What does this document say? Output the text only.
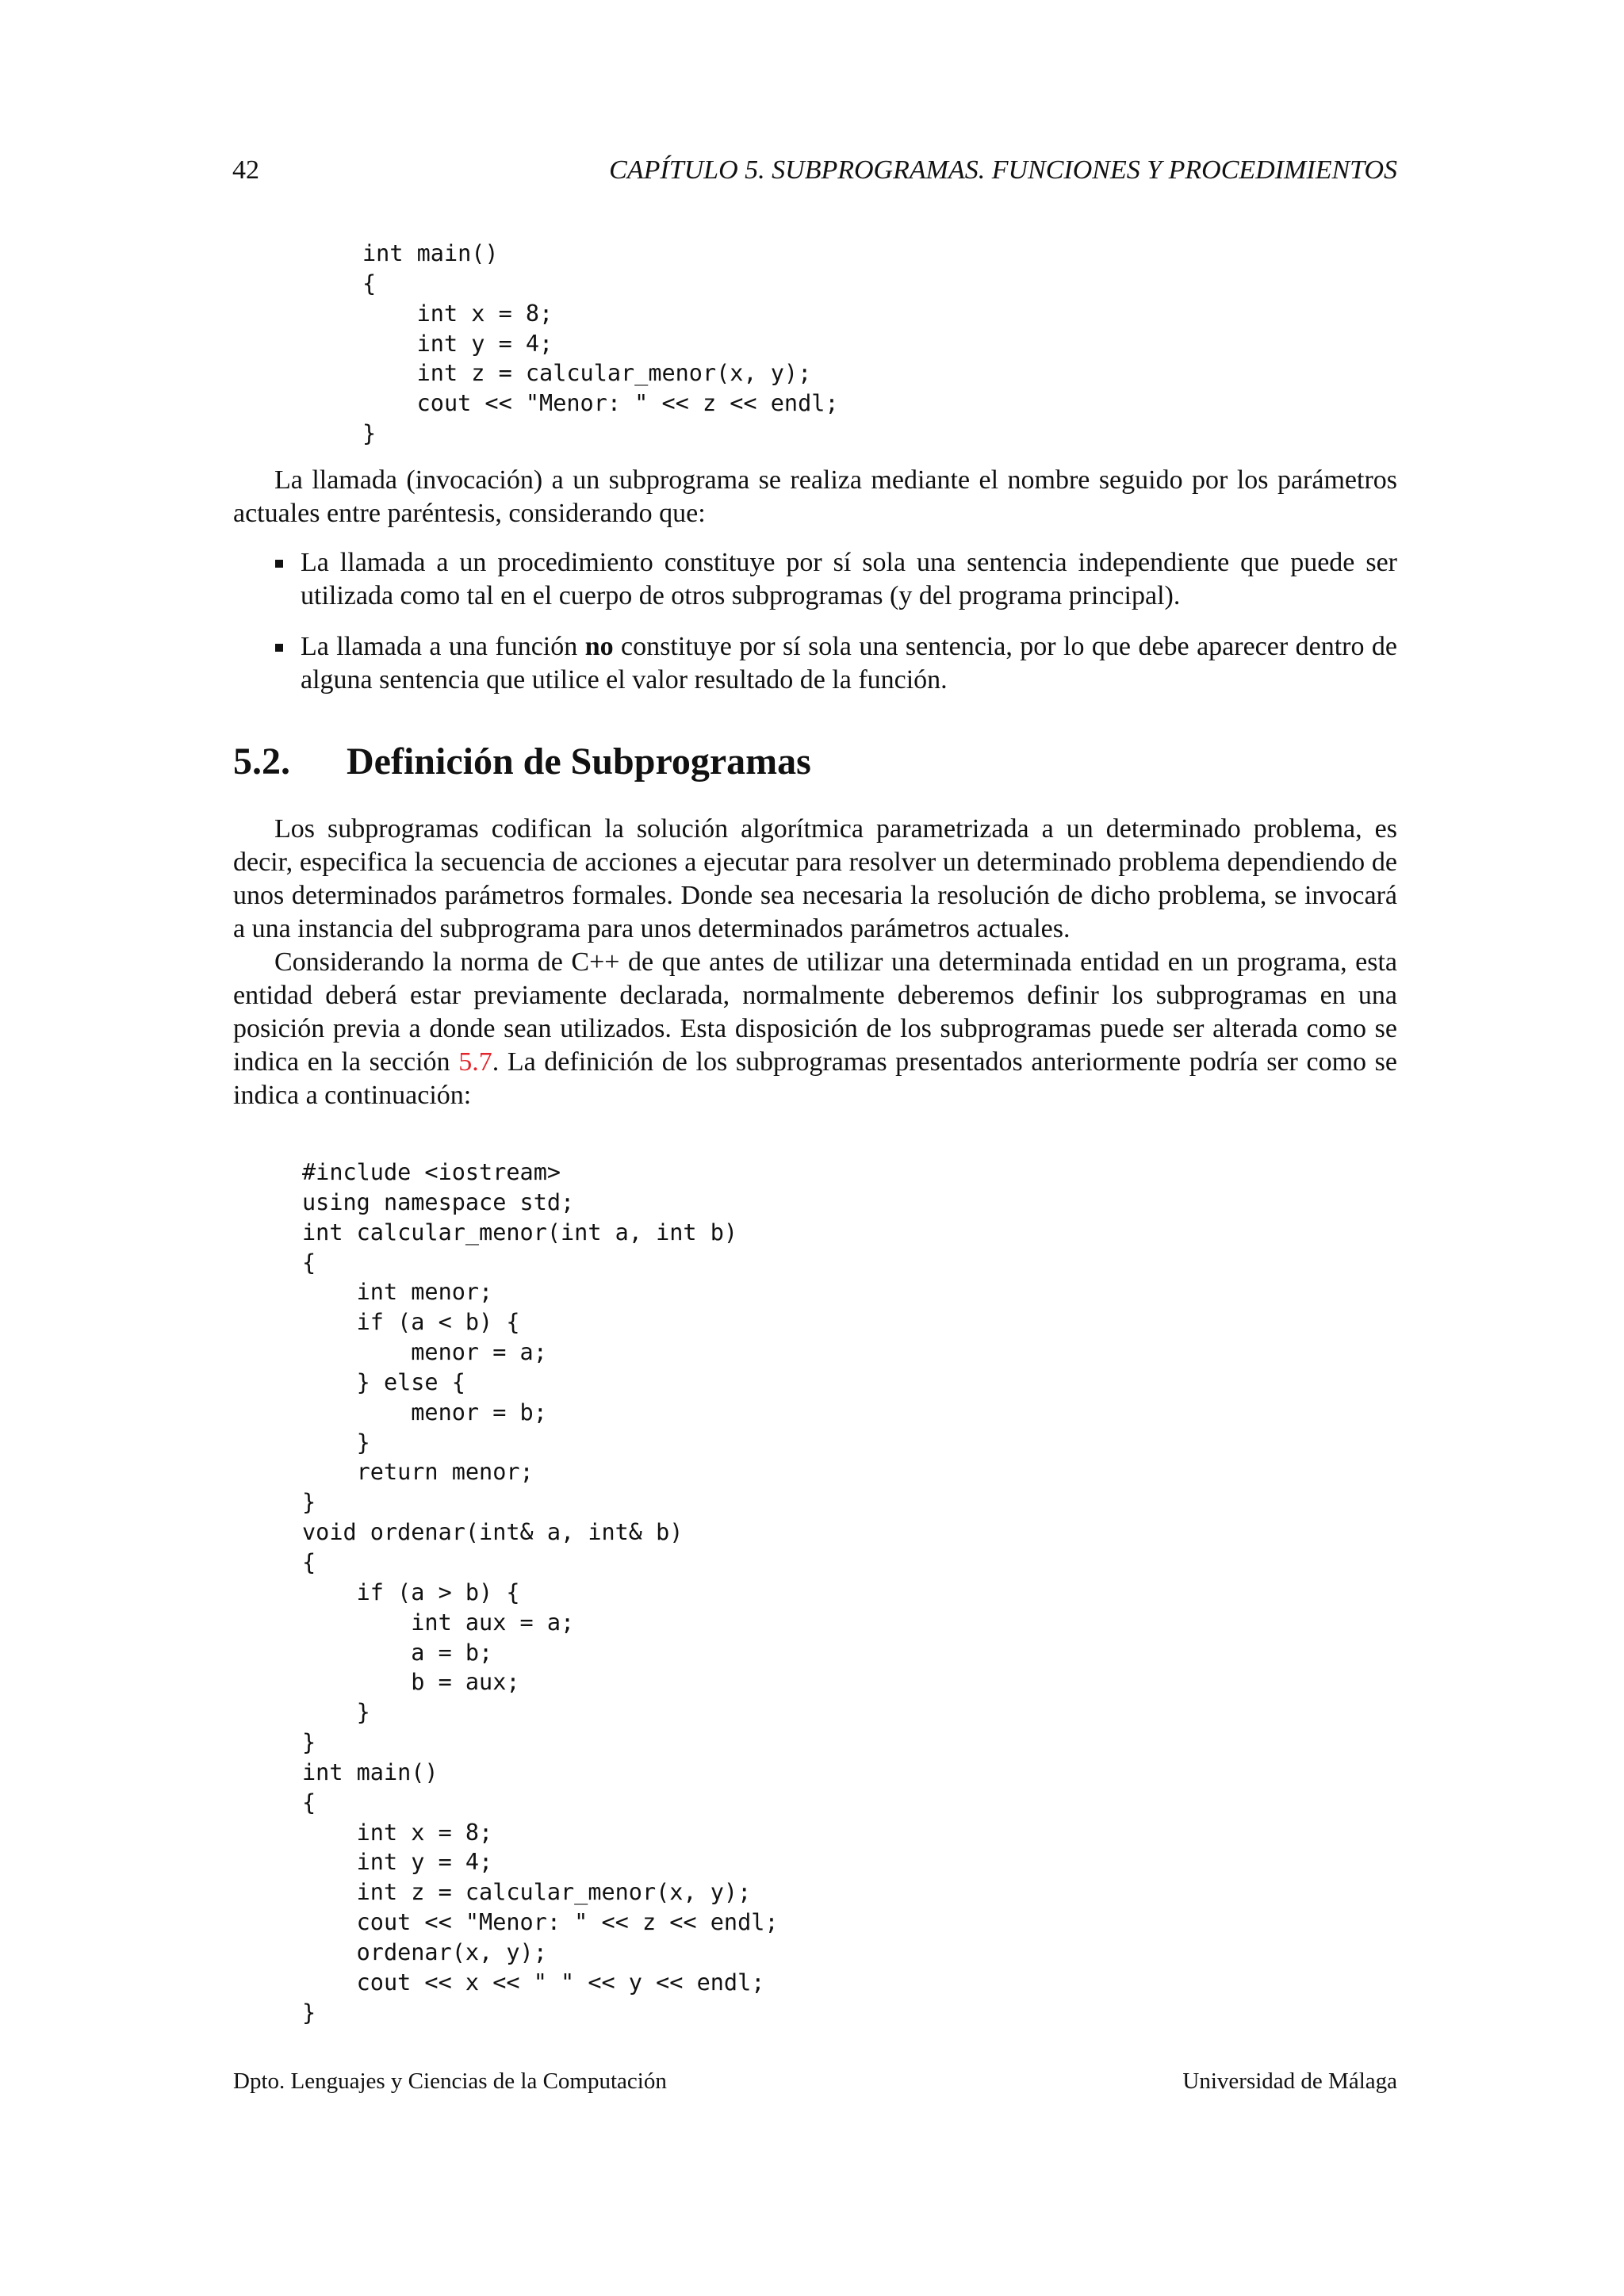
42	CAPÍTULO 5. SUBPROGRAMAS. FUNCIONES Y PROCEDIMIENTOS
int main()
{
int x = 8;
int y = 4;
int z = calcular_menor(x, y);
cout << "Menor: " << z << endl;
}

La llamada (invocación) a un subprograma se realiza mediante el nombre seguido por los parámetros actuales entre paréntesis, considerando que:

La llamada a un procedimiento constituye por sí sola una sentencia independiente que puede ser utilizada como tal en el cuerpo de otros subprogramas (y del programa principal).
La llamada a una función no constituye por sí sola una sentencia, por lo que debe aparecer dentro de alguna sentencia que utilice el valor resultado de la función.
5.2. Definición de Subprogramas

Los subprogramas codifican la solución algorítmica parametrizada a un determinado problema, es decir, especifica la secuencia de acciones a ejecutar para resolver un determinado problema dependiendo de unos determinados parámetros formales. Donde sea necesaria la resolución de dicho problema, se invocará a una instancia del subprograma para unos determinados parámetros actuales.

Considerando la norma de C++ de que antes de utilizar una determinada entidad en un programa, esta entidad deberá estar previamente declarada, normalmente deberemos definir los subprogramas en una posición previa a donde sean utilizados. Esta disposición de los subprogramas puede ser alterada como se indica en la sección 5.7. La definición de los subprogramas presentados anteriormente podría ser como se indica a continuación:

#include <iostream>
using namespace std;
int calcular_menor(int a, int b)
{
int menor;
if (a < b) {
menor = a;
} else {
menor = b;
}
return menor;
}
void ordenar(int& a, int& b)
{
if (a > b) {
int aux = a;
a = b;
b = aux;
}
}
int main()
{
int x = 8;
int y = 4;
int z = calcular_menor(x, y);
cout << "Menor: " << z << endl;
ordenar(x, y);
cout << x << " " << y << endl;
}
Dpto. Lenguajes y Ciencias de la Computación	Universidad de Málaga
